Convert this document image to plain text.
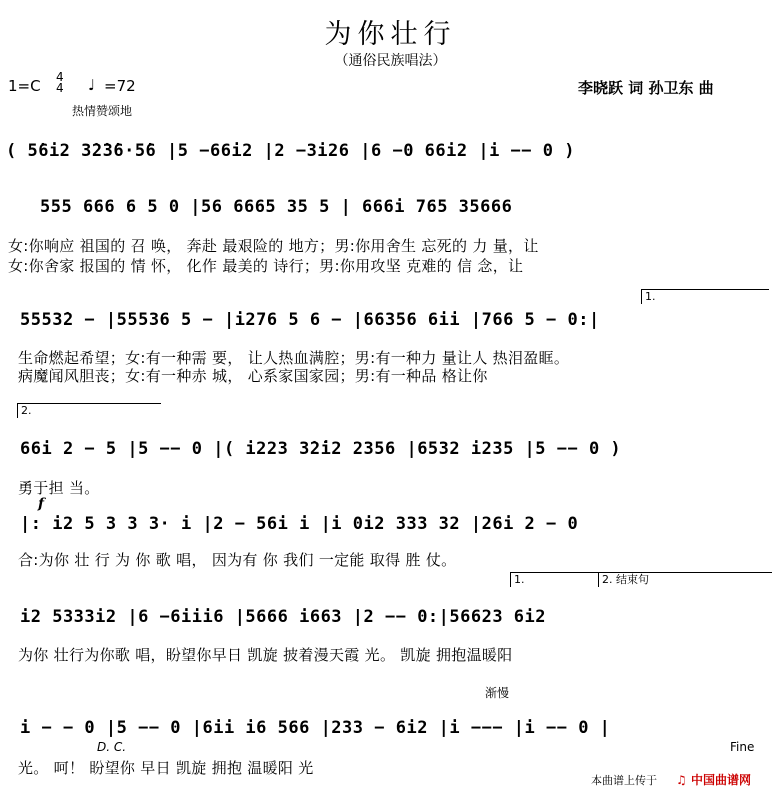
为你壮行
（通俗民族唱法）
1=C 4
4 ♩ =72
热情赞颂地
李晓跃 词 孙卫东 曲
( 5̇6i2 3̇2̇3̇6·5̇6 |5 −66i2 |2 −3i26 |6 −0 66i2 |i −− 0 )
555 666 6 5 0 |56 6665 35 5 | 666i 765 35666
女:你响应 祖国的 召 唤， 奔赴 最艰险的 地方；男:你用舍生 忘死的 力 量，让
女:你舍家 报国的 情 怀， 化作 最美的 诗行；男:你用攻坚 克难的 信 念，让
1.
5553̇2 − |55536 5 − |i276 5 6 − |66356 6ii |766 5 − 0:|
生命燃起希望；女:有一种需 要， 让人热血满腔；男:有一种力 量让人 热泪盈眶。
病魔闻风胆丧；女:有一种赤 城， 心系家国家园；男:有一种品 格让你
2.
66i 2 − 5 |5 −− 0 |( i223 3̇2̇i2 2356 |6532 i235 |5 −− 0 )
勇于担 当。
f
|: i2 5 3 3 3· i |2 − 56i i |i 0i2 333 32 |26i 2 − 0
合:为你 壮 行 为 你 歌 唱， 因为有 你 我们 一定能 取得 胜 仗。
1.	2. 结束句
i2 5333i2 |6 −6iii6 |5666 i663 |2 −− 0:|56623 6i2
为你 壮行为你歌 唱，盼望你早日 凯旋 披着漫天霞 光。 凯旋 拥抱温暖阳
渐慢
i − − 0 |5 −− 0 |6ii i6 566 |233 − 6i2 |i −−− |i −− 0 |
D. C.	Fine
光。 呵！ 盼望你 早日 凯旋 拥抱 温暖阳 光
本曲谱上传于 ♫ 中国曲谱网
